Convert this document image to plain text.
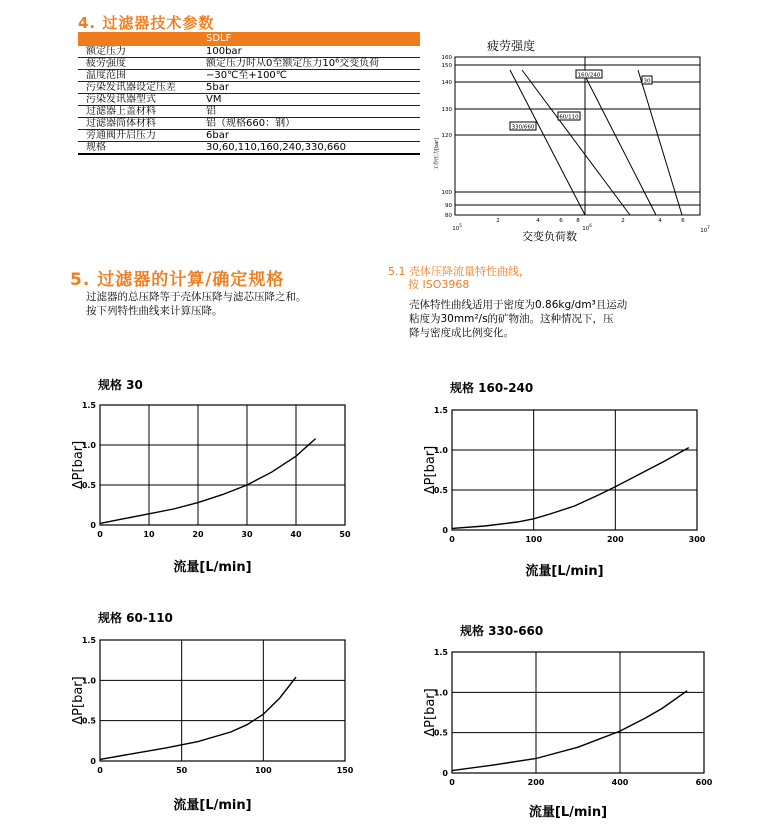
4. 过滤器技术参数
	SDLF
额定压力	100bar
疲劳强度	额定压力时从0至额定压力10⁶交变负荷
温度范围	−30℃至+100℃
污染发讯器设定压差	5bar
污染发讯器型式	VM
过滤器上盖材料	铝
过滤器筒体材料	铝（规格660：钢）
旁通阀开启压力	6bar
规格	30,60,110,160,240,330,660
疲劳强度
160/240
30
60/110
330/660
160
150
140
130
120
100
90
80
工作压力[bar]
2	4	6 8	2	4	6
$10^5$
$10^6$
$10^7$
交变负荷数
5. 过滤器的计算/确定规格
过滤器的总压降等于壳体压降与滤芯压降之和。
按下列特性曲线来计算压降。
5.1 壳体压降流量特性曲线，
按 ISO3968
壳体特性曲线适用于密度为0.86kg/dm³且运动
粘度为30mm²/s的矿物油。这种情况下，压
降与密度成比例变化。
规格 30
0	10	20	30	40	50
0
0.5
1.0
1.5
ΔP[bar]
流量[L/min]
规格 160-240
0	100	200	300
0
0.5
1.0
1.5
ΔP[bar]
流量[L/min]
规格 60-110
0	50	100	150
0
0.5
1.0
1.5
ΔP[bar]
流量[L/min]
规格 330-660
0	200	400	600
0
0.5
1.0
1.5
ΔP[bar]
流量[L/min]
